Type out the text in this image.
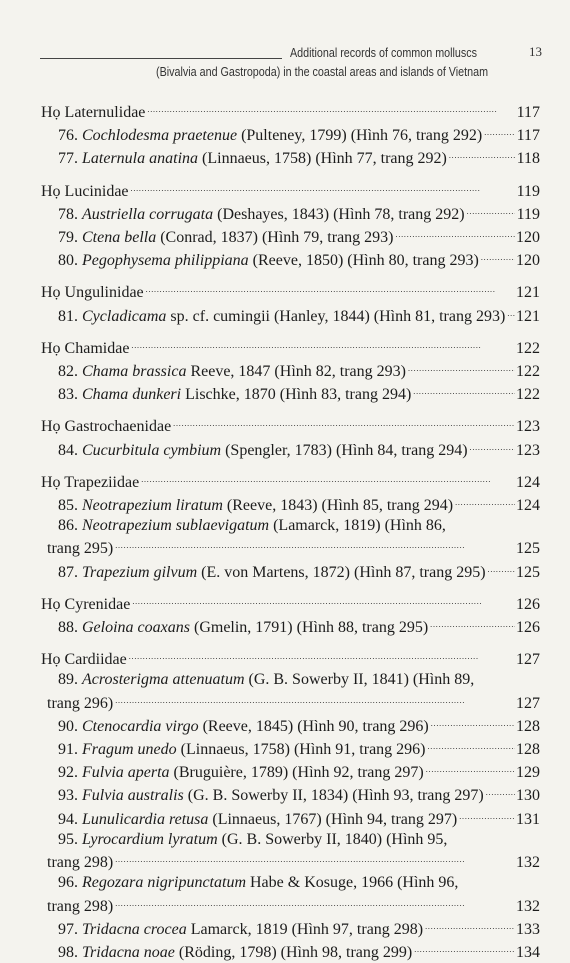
Additional records of common molluscs
(Bivalvia and Gastropoda) in the coastal areas and islands of Vietnam
13
Họ Laternulidae . . .	117
76. Cochlodesma praetenue (Pulteney, 1799) (Hình 76, trang 292) . . . 117
77. Laternula anatina (Linnaeus, 1758) (Hình 77, trang 292) . . .	118
Họ Lucinidae . . .	119
78. Austriella corrugata (Deshayes, 1843) (Hình 78, trang 292) . . .	119
79. Ctena bella (Conrad, 1837) (Hình 79, trang 293) . . .	120
80. Pegophysema philippiana (Reeve, 1850) (Hình 80, trang 293) . . . 120
Họ Ungulinidae . . .	121
81. Cycladicama sp. cf. cumingii (Hanley, 1844) (Hình 81, trang 293) . . . 121
Họ Chamidae . . .	122
82. Chama brassica Reeve, 1847 (Hình 82, trang 293) . . .	122
83. Chama dunkeri Lischke, 1870 (Hình 83, trang 294) . . .	122
Họ Gastrochaenidae . . .	123
84. Cucurbitula cymbium (Spengler, 1783) (Hình 84, trang 294) . . .	123
Họ Trapeziidae . . .	124
85. Neotrapezium liratum (Reeve, 1843) (Hình 85, trang 294) . . .	124
86. Neotrapezium sublaevigatum (Lamarck, 1819) (Hình 86,
trang 295) . . .	125
87. Trapezium gilvum (E. von Martens, 1872) (Hình 87, trang 295) . . . 125
Họ Cyrenidae . . .	126
88. Geloina coaxans (Gmelin, 1791) (Hình 88, trang 295) . . .	126
Họ Cardiidae . . .	127
89. Acrosterigma attenuatum (G. B. Sowerby II, 1841) (Hình 89,
trang 296) . . .	127
90. Ctenocardia virgo (Reeve, 1845) (Hình 90, trang 296) . . .	128
91. Fragum unedo (Linnaeus, 1758) (Hình 91, trang 296) . . .	128
92. Fulvia aperta (Bruguière, 1789) (Hình 92, trang 297) . . .	129
93. Fulvia australis (G. B. Sowerby II, 1834) (Hình 93, trang 297) . . . 130
94. Lunulicardia retusa (Linnaeus, 1767) (Hình 94, trang 297) . . .	131
95. Lyrocardium lyratum (G. B. Sowerby II, 1840) (Hình 95,
trang 298) . . .	132
96. Regozara nigripunctatum Habe & Kosuge, 1966 (Hình 96,
trang 298) . . .	132
97. Tridacna crocea Lamarck, 1819 (Hình 97, trang 298) . . .	133
98. Tridacna noae (Röding, 1798) (Hình 98, trang 299) . . .	134
